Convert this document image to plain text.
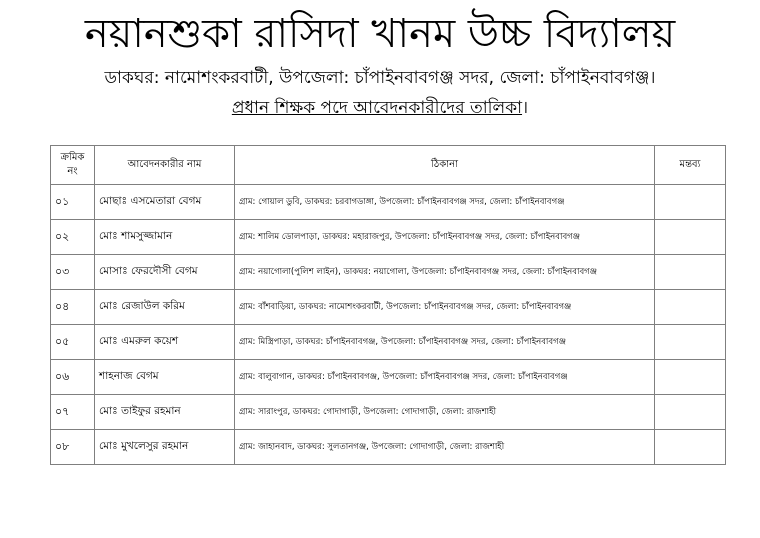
নয়ানশুকা রাসিদা খানম উচ্চ বিদ্যালয়
ডাকঘর: নামোশংকরবাটী, উপজেলা: চাঁপাইনবাবগঞ্জ সদর, জেলা: চাঁপাইনবাবগঞ্জ।
প্রধান শিক্ষক পদে আবেদনকারীদের তালিকা।
ক্রমিক নং	আবেদনকারীর নাম	ঠিকানা	মন্তব্য
০১	মোছাঃ এসমেতারা বেগম	গ্রাম: গোয়াল ডুবি, ডাকঘর: চরবাগডাঙ্গা, উপজেলা: চাঁপাইনবাবগঞ্জ সদর, জেলা: চাঁপাইনবাবগঞ্জ	
০২	মোঃ শামসুজ্জামান	গ্রাম: শালিম ডোলপাড়া, ডাকঘর: মহারাজপুর, উপজেলা: চাঁপাইনবাবগঞ্জ সদর, জেলা: চাঁপাইনবাবগঞ্জ	
০৩	মোসাঃ ফেরদৌসী বেগম	গ্রাম: নয়াগোলা(পুলিশ লাইন), ডাকঘর: নয়াগোলা, উপজেলা: চাঁপাইনবাবগঞ্জ সদর, জেলা: চাঁপাইনবাবগঞ্জ	
০৪	মোঃ রেজাউল করিম	গ্রাম: বাঁশবাড়িয়া, ডাকঘর: নামোশংকরবাটী, উপজেলা: চাঁপাইনবাবগঞ্জ সদর, জেলা: চাঁপাইনবাবগঞ্জ	
০৫	মোঃ এমরুল কয়েশ	গ্রাম: মিস্ত্রিপাড়া, ডাকঘর: চাঁপাইনবাবগঞ্জ, উপজেলা: চাঁপাইনবাবগঞ্জ সদর, জেলা: চাঁপাইনবাবগঞ্জ	
০৬	শাহনাজ বেগম	গ্রাম: বালুবাগান, ডাকঘর: চাঁপাইনবাবগঞ্জ, উপজেলা: চাঁপাইনবাবগঞ্জ সদর, জেলা: চাঁপাইনবাবগঞ্জ	
০৭	মোঃ তাইফুর রহমান	গ্রাম: সারাংপুর, ডাকঘর: গোদাগাড়ী, উপজেলা: গোদাগাড়ী, জেলা: রাজশাহী	
০৮	মোঃ মুখলেসুর রহমান	গ্রাম: জাহানবাদ, ডাকঘর: সুলতানগঞ্জ, উপজেলা: গোদাগাড়ী, জেলা: রাজশাহী	
